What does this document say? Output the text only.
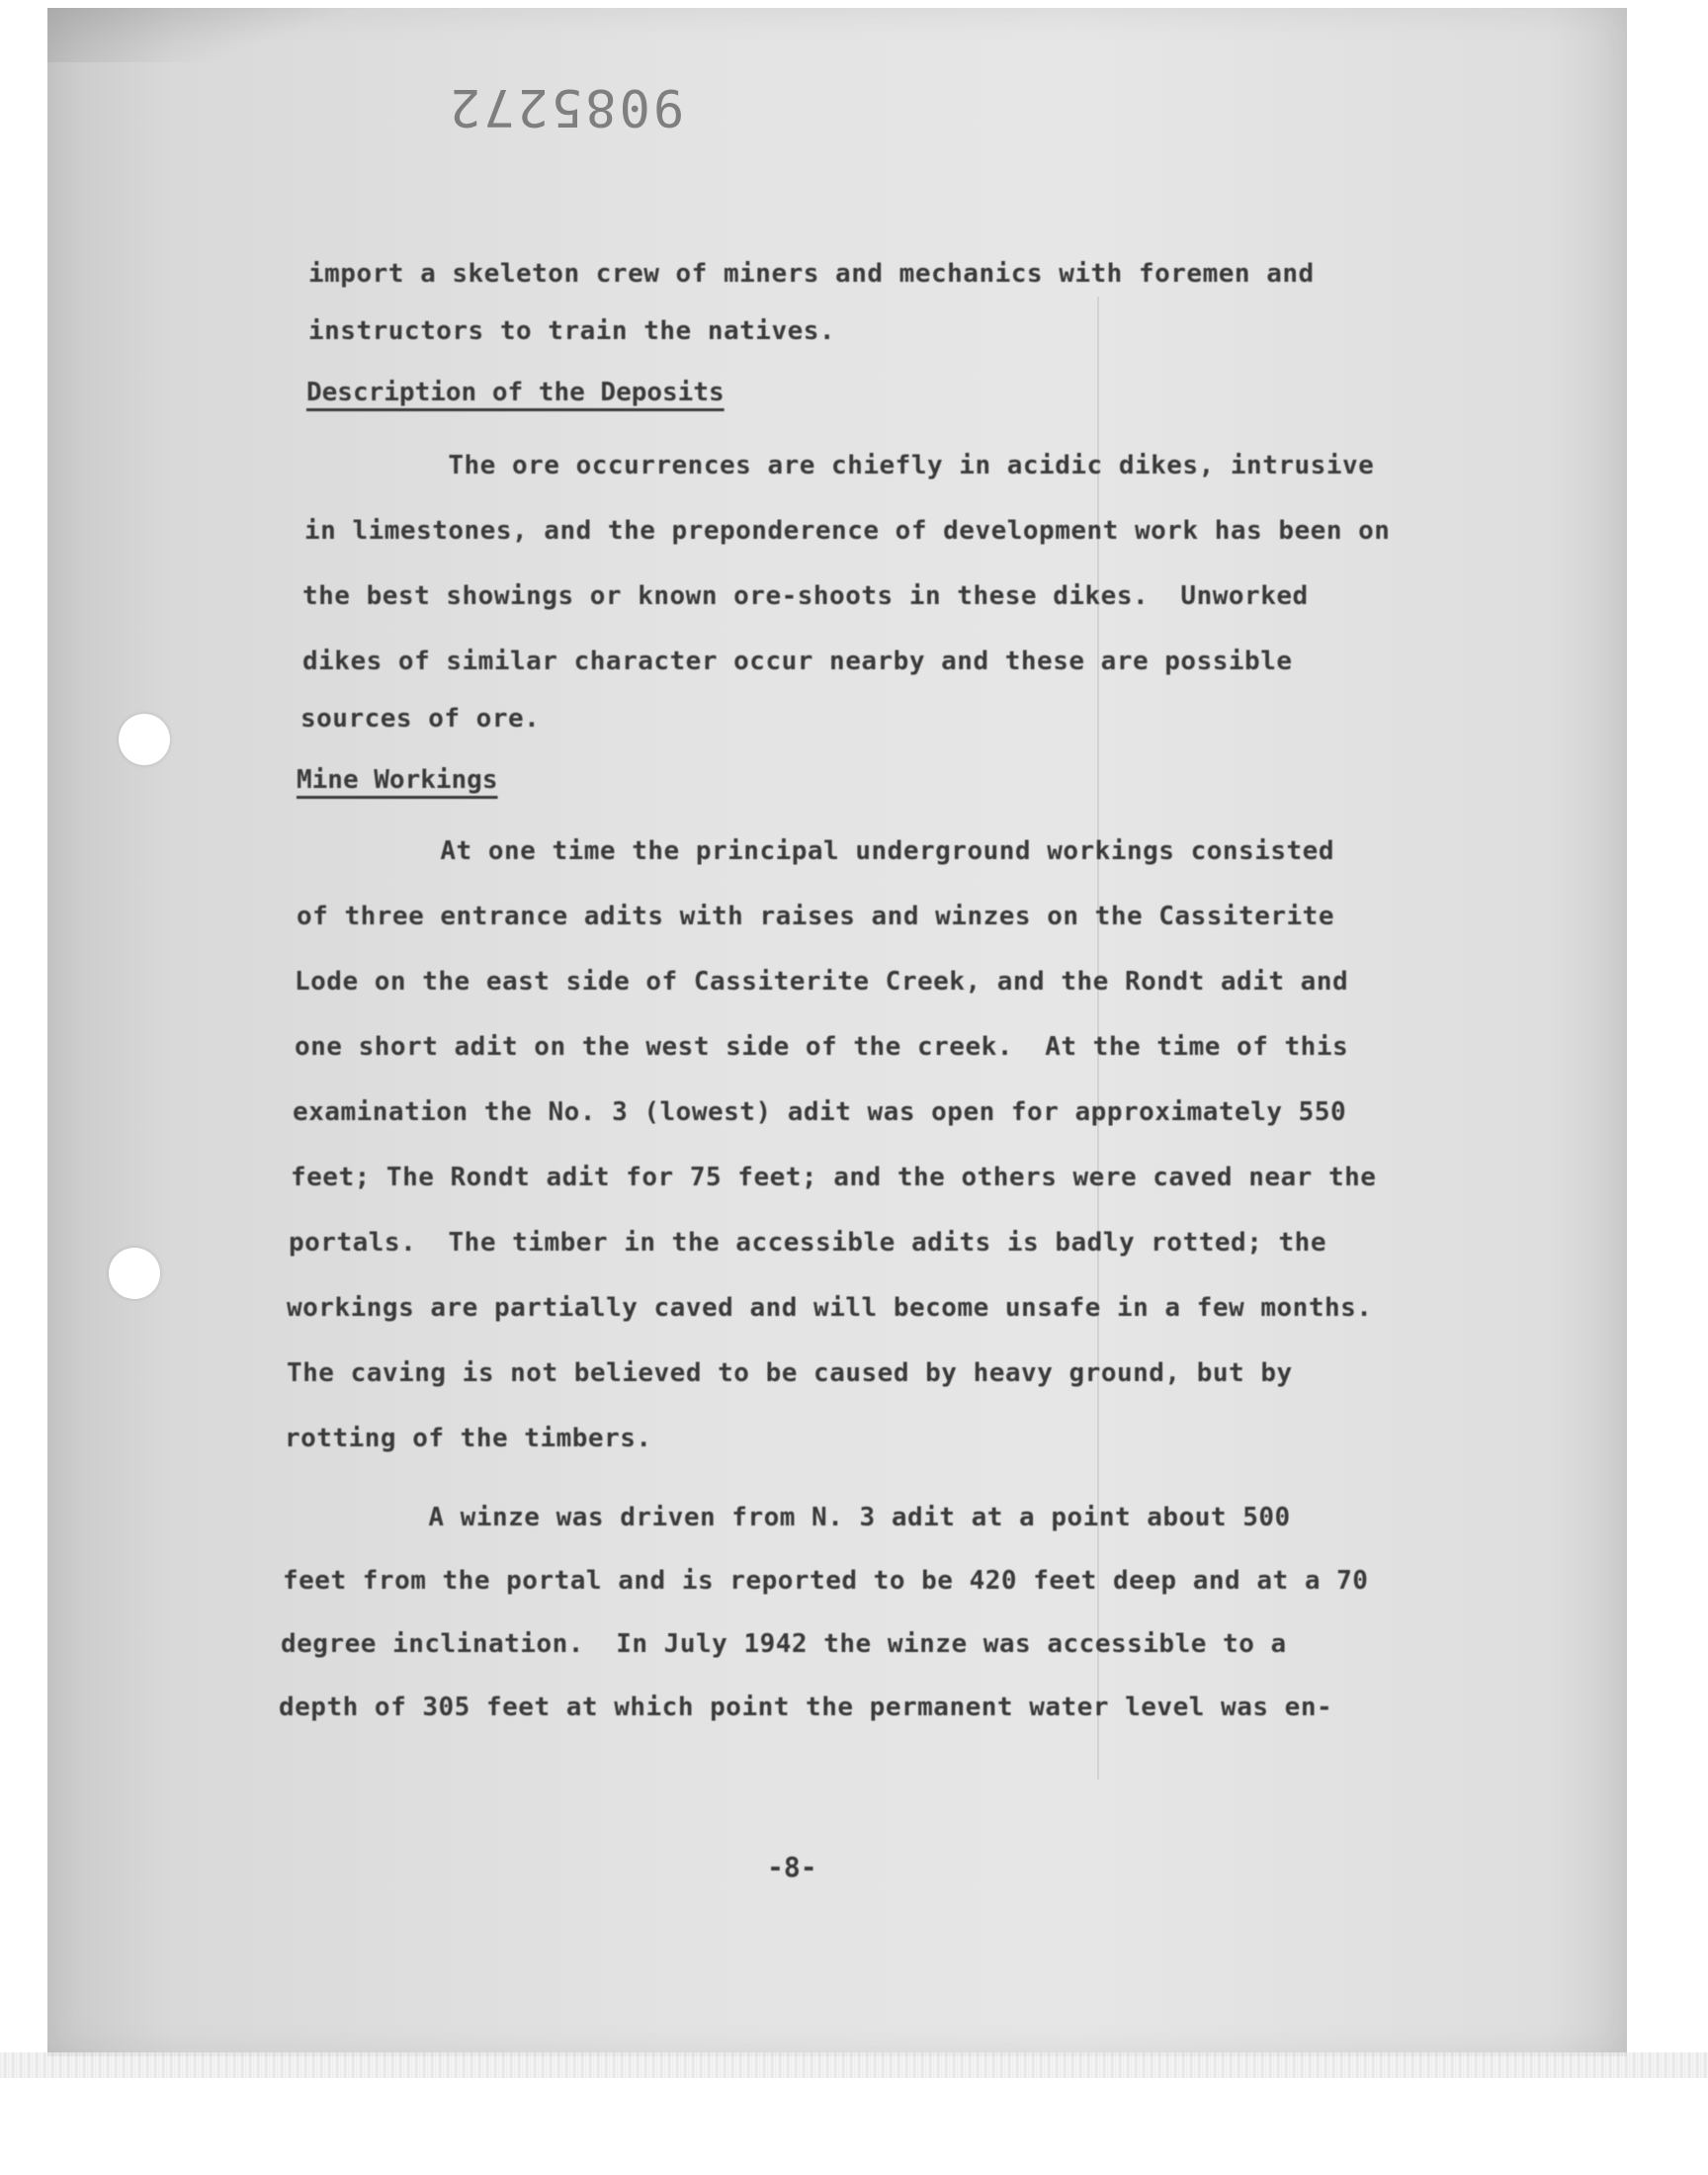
9085272

import a skeleton crew of miners and mechanics with foremen and

instructors to train the natives.

Description of the Deposits

The ore occurrences are chiefly in acidic dikes, intrusive

in limestones, and the preponderence of development work has been on

the best showings or known ore-shoots in these dikes.  Unworked

dikes of similar character occur nearby and these are possible

sources of ore.

Mine Workings

At one time the principal underground workings consisted

of three entrance adits with raises and winzes on the Cassiterite

Lode on the east side of Cassiterite Creek, and the Rondt adit and

one short adit on the west side of the creek.  At the time of this

examination the No. 3 (lowest) adit was open for approximately 550

feet; The Rondt adit for 75 feet; and the others were caved near the

portals.  The timber in the accessible adits is badly rotted; the

workings are partially caved and will become unsafe in a few months.

The caving is not believed to be caused by heavy ground, but by

rotting of the timbers.

A winze was driven from N. 3 adit at a point about 500

feet from the portal and is reported to be 420 feet deep and at a 70

degree inclination.  In July 1942 the winze was accessible to a

depth of 305 feet at which point the permanent water level was en-

-8-
